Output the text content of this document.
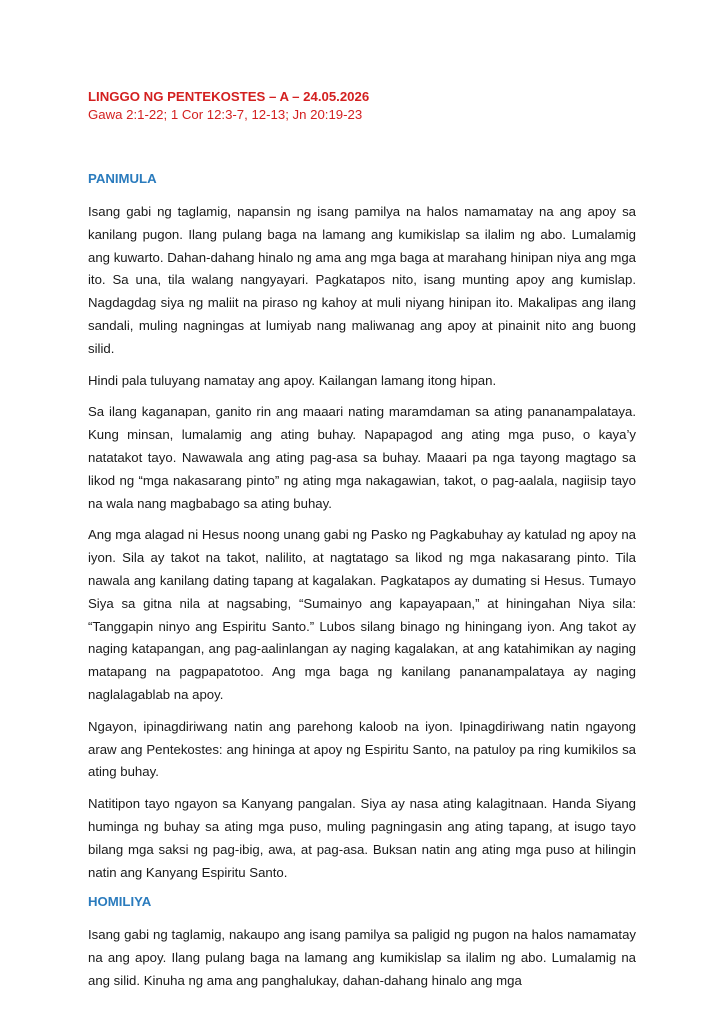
LINGGO NG PENTEKOSTES – A – 24.05.2026

Gawa 2:1-22; 1 Cor 12:3-7, 12-13; Jn 20:19-23

PANIMULA

Isang gabi ng taglamig, napansin ng isang pamilya na halos namamatay na ang apoy sa kanilang pugon. Ilang pulang baga na lamang ang kumikislap sa ilalim ng abo. Lumalamig ang kuwarto. Dahan-dahang hinalo ng ama ang mga baga at marahang hinipan niya ang mga ito. Sa una, tila walang nangyayari. Pagkatapos nito, isang munting apoy ang kumislap. Nagdagdag siya ng maliit na piraso ng kahoy at muli niyang hinipan ito. Makalipas ang ilang sandali, muling nagningas at lumiyab nang maliwanag ang apoy at pinainit nito ang buong silid.

Hindi pala tuluyang namatay ang apoy. Kailangan lamang itong hipan.

Sa ilang kaganapan, ganito rin ang maaari nating maramdaman sa ating pananampalataya. Kung minsan, lumalamig ang ating buhay. Napapagod ang ating mga puso, o kaya’y natatakot tayo. Nawawala ang ating pag-asa sa buhay. Maaari pa nga tayong magtago sa likod ng “mga nakasarang pinto” ng ating mga nakagawian, takot, o pag-aalala, nagiisip tayo na wala nang magbabago sa ating buhay.

Ang mga alagad ni Hesus noong unang gabi ng Pasko ng Pagkabuhay ay katulad ng apoy na iyon. Sila ay takot na takot, nalilito, at nagtatago sa likod ng mga nakasarang pinto. Tila nawala ang kanilang dating tapang at kagalakan. Pagkatapos ay dumating si Hesus. Tumayo Siya sa gitna nila at nagsabing, “Sumainyo ang kapayapaan,” at hiningahan Niya sila: “Tanggapin ninyo ang Espiritu Santo.” Lubos silang binago ng hiningang iyon. Ang takot ay naging katapangan, ang pag-aalinlangan ay naging kagalakan, at ang katahimikan ay naging matapang na pagpapatotoo. Ang mga baga ng kanilang pananampalataya ay naging naglalagablab na apoy.

Ngayon, ipinagdiriwang natin ang parehong kaloob na iyon. Ipinagdiriwang natin ngayong araw ang Pentekostes: ang hininga at apoy ng Espiritu Santo, na patuloy pa ring kumikilos sa ating buhay.

Natitipon tayo ngayon sa Kanyang pangalan. Siya ay nasa ating kalagitnaan. Handa Siyang huminga ng buhay sa ating mga puso, muling pagningasin ang ating tapang, at isugo tayo bilang mga saksi ng pag-ibig, awa, at pag-asa. Buksan natin ang ating mga puso at hilingin natin ang Kanyang Espiritu Santo.

HOMILIYA

Isang gabi ng taglamig, nakaupo ang isang pamilya sa paligid ng pugon na halos namamatay na ang apoy. Ilang pulang baga na lamang ang kumikislap sa ilalim ng abo. Lumalamig na ang silid. Kinuha ng ama ang panghalukay, dahan-dahang hinalo ang mga
